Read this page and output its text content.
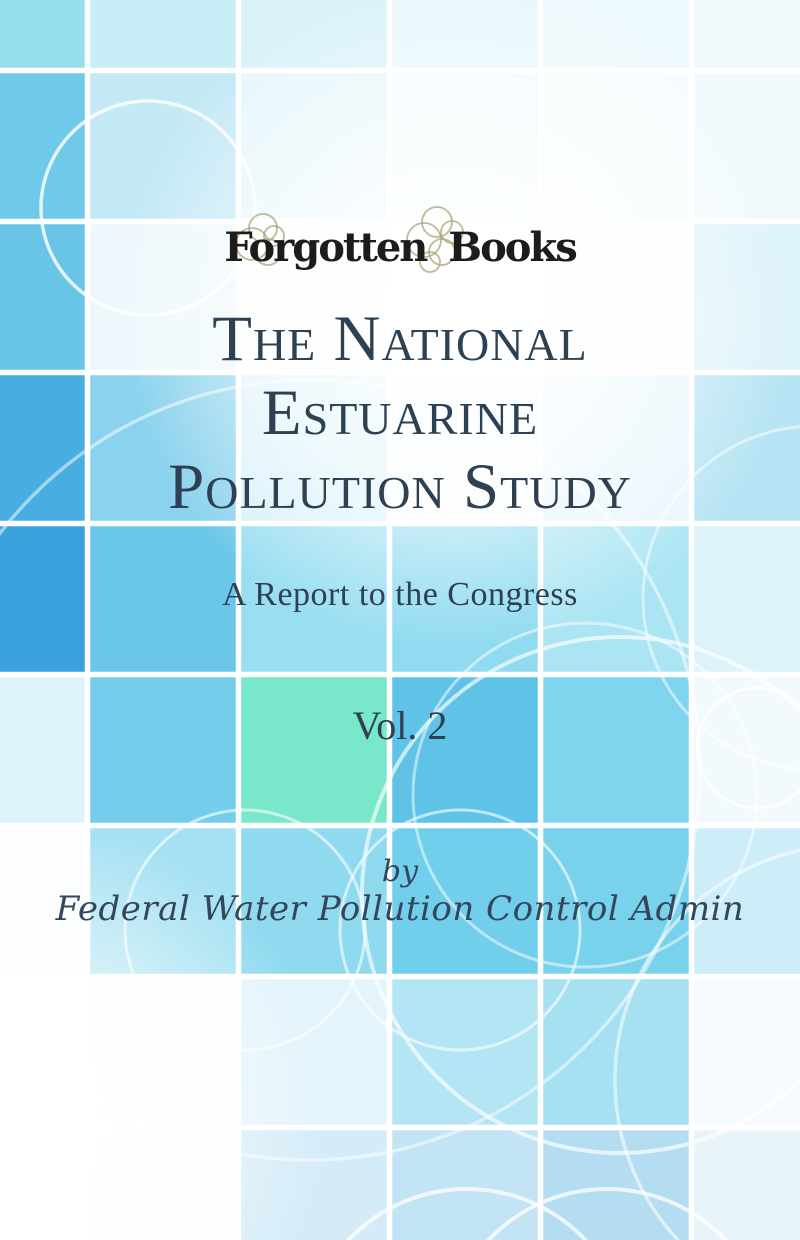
Forgotten Books
The National
Estuarine
Pollution Study
A Report to the Congress
Vol. 2
by
Federal Water Pollution Control Admin
